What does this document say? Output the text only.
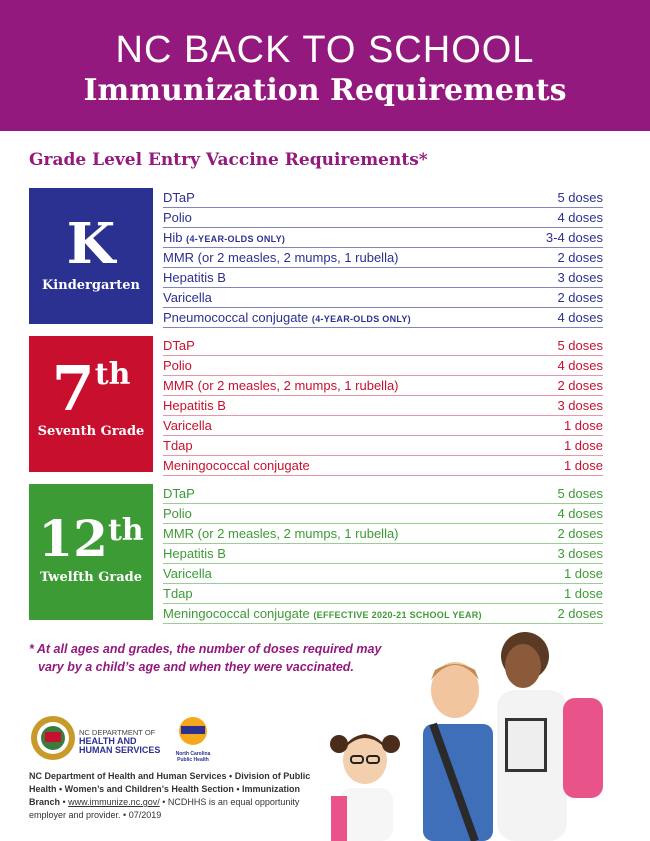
NC BACK TO SCHOOL
Immunization Requirements
Grade Level Entry Vaccine Requirements*
K
Kindergarten
DTaP	5 doses
Polio	4 doses
Hib (4-YEAR-OLDS ONLY)	3-4 doses
MMR (or 2 measles, 2 mumps, 1 rubella)	2 doses
Hepatitis B	3 doses
Varicella	2 doses
Pneumococcal conjugate (4-YEAR-OLDS ONLY)	4 doses
7th
Seventh Grade
DTaP	5 doses
Polio	4 doses
MMR (or 2 measles, 2 mumps, 1 rubella)	2 doses
Hepatitis B	3 doses
Varicella	1 dose
Tdap	1 dose
Meningococcal conjugate	1 dose
12th
Twelfth Grade
DTaP	5 doses
Polio	4 doses
MMR (or 2 measles, 2 mumps, 1 rubella)	2 doses
Hepatitis B	3 doses
Varicella	1 dose
Tdap	1 dose
Meningococcal conjugate (EFFECTIVE 2020-21 SCHOOL YEAR)	2 doses
* At all ages and grades, the number of doses required may
vary by a child’s age and when they were vaccinated.
NC DEPARTMENT OF
HEALTH AND
HUMAN SERVICES	North Carolina
Public Health
NC Department of Health and Human Services • Division of Public Health • Women’s and Children’s Health Section • Immunization Branch • www.immunize.nc.gov/ • NCDHHS is an equal opportunity employer and provider. • 07/2019
